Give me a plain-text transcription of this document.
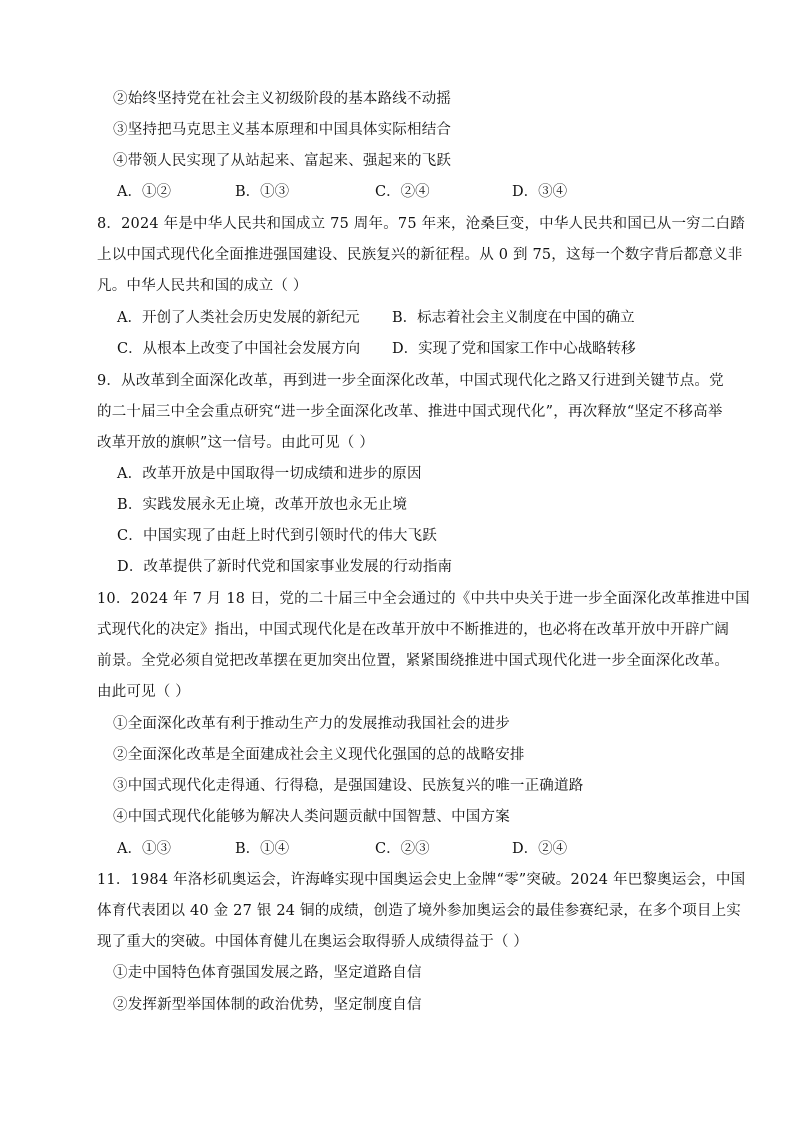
②始终坚持党在社会主义初级阶段的基本路线不动摇
③坚持把马克思主义基本原理和中国具体实际相结合
④带领人民实现了从站起来、富起来、强起来的飞跃
A．①②	B．①③	C．②④	D．③④
8．2024 年是中华人民共和国成立 75 周年。75 年来，沧桑巨变，中华人民共和国已从一穷二白踏
上以中国式现代化全面推进强国建设、民族复兴的新征程。从 0 到 75，这每一个数字背后都意义非
凡。中华人民共和国的成立（ ）
A．开创了人类社会历史发展的新纪元 B．标志着社会主义制度在中国的确立
C．从根本上改变了中国社会发展方向 D．实现了党和国家工作中心战略转移
9．从改革到全面深化改革，再到进一步全面深化改革，中国式现代化之路又行进到关键节点。党
的二十届三中全会重点研究“进一步全面深化改革、推进中国式现代化”，再次释放“坚定不移高举
改革开放的旗帜”这一信号。由此可见（ ）
A．改革开放是中国取得一切成绩和进步的原因
B．实践发展永无止境，改革开放也永无止境
C．中国实现了由赶上时代到引领时代的伟大飞跃
D．改革提供了新时代党和国家事业发展的行动指南
10．2024 年 7 月 18 日，党的二十届三中全会通过的《中共中央关于进一步全面深化改革推进中国
式现代化的决定》指出，中国式现代化是在改革开放中不断推进的，也必将在改革开放中开辟广阔
前景。全党必须自觉把改革摆在更加突出位置，紧紧围绕推进中国式现代化进一步全面深化改革。
由此可见（ ）
①全面深化改革有利于推动生产力的发展推动我国社会的进步
②全面深化改革是全面建成社会主义现代化强国的总的战略安排
③中国式现代化走得通、行得稳，是强国建设、民族复兴的唯一正确道路
④中国式现代化能够为解决人类问题贡献中国智慧、中国方案
A．①③	B．①④	C．②③	D．②④
11．1984 年洛杉矶奥运会，许海峰实现中国奥运会史上金牌“零”突破。2024 年巴黎奥运会，中国
体育代表团以 40 金 27 银 24 铜的成绩，创造了境外参加奥运会的最佳参赛纪录，在多个项目上实
现了重大的突破。中国体育健儿在奥运会取得骄人成绩得益于（ ）
①走中国特色体育强国发展之路，坚定道路自信
②发挥新型举国体制的政治优势，坚定制度自信
